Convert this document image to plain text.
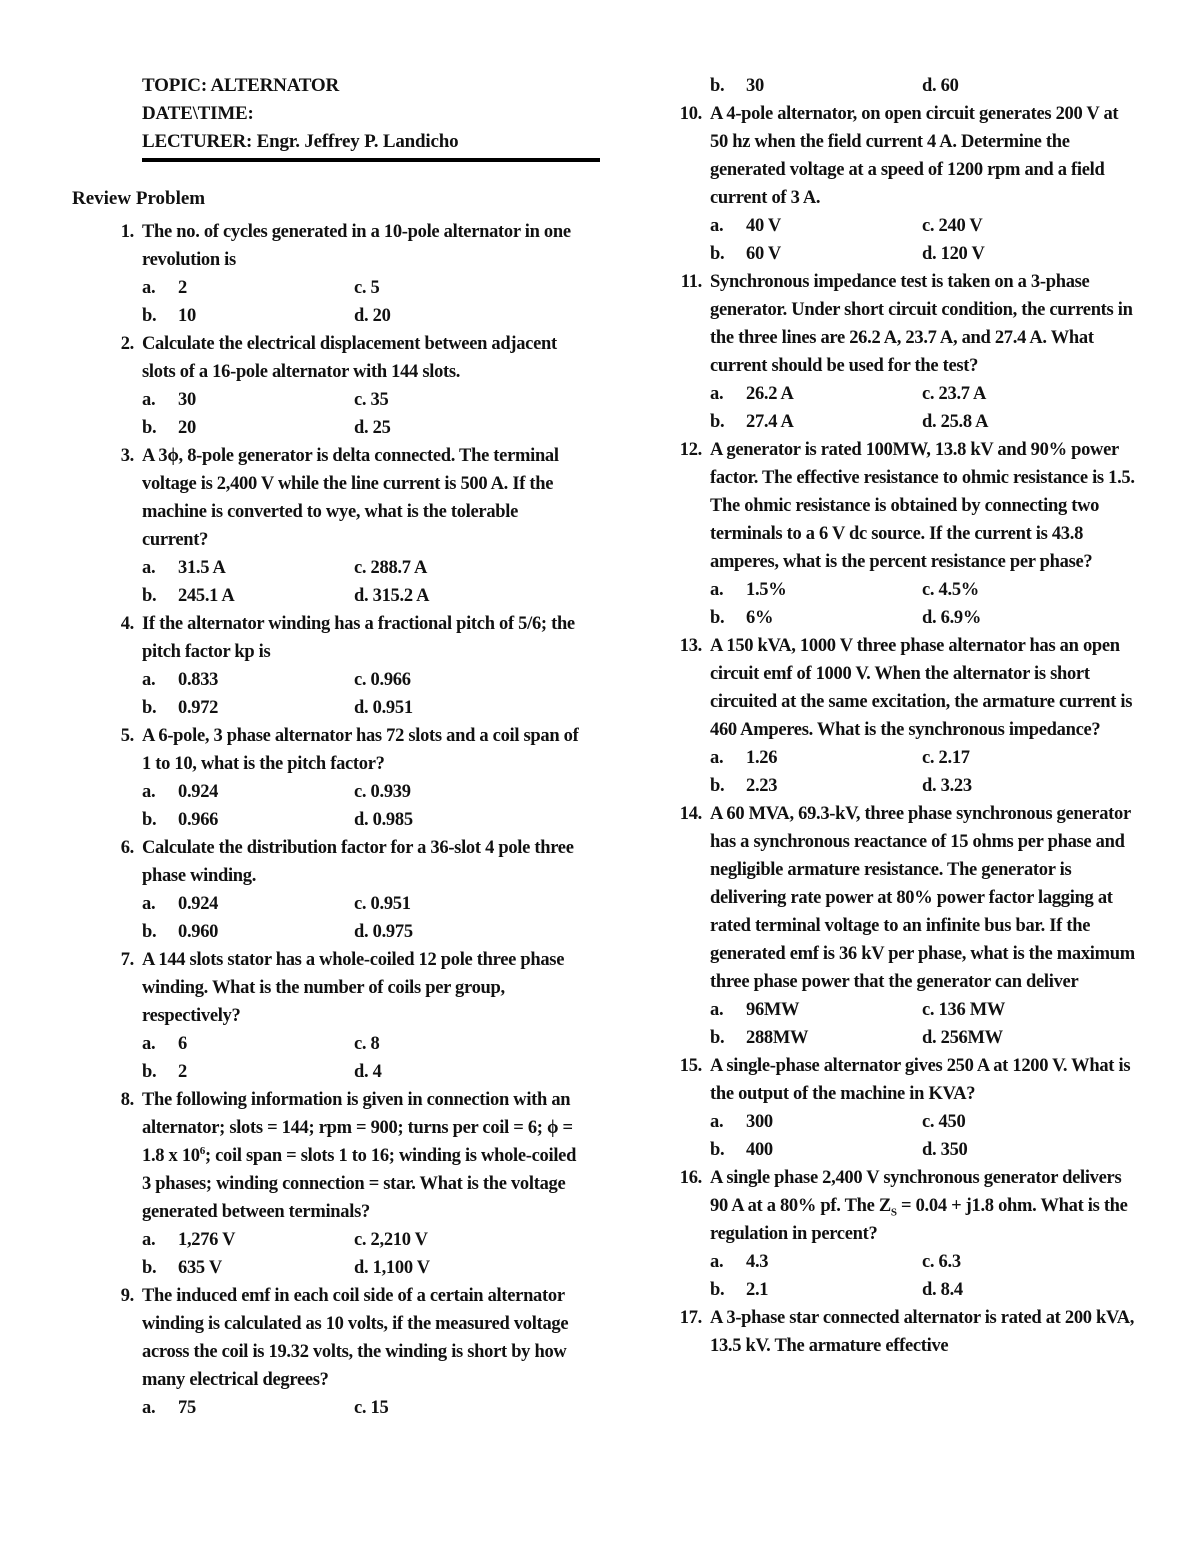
TOPIC: ALTERNATOR
DATE\TIME:
LECTURER: Engr. Jeffrey P. Landicho
Review Problem
1. The no. of cycles generated in a 10-pole alternator in one revolution is
a. 2	c. 5
b. 10	d. 20
2. Calculate the electrical displacement between adjacent slots of a 16-pole alternator with 144 slots.
a. 30	c. 35
b. 20	d. 25
3. A 3ϕ, 8-pole generator is delta connected. The terminal voltage is 2,400 V while the line current is 500 A. If the machine is converted to wye, what is the tolerable current?
a. 31.5 A	c. 288.7 A
b. 245.1 A	d. 315.2 A
4. If the alternator winding has a fractional pitch of 5/6; the pitch factor kp is
a. 0.833	c. 0.966
b. 0.972	d. 0.951
5. A 6-pole, 3 phase alternator has 72 slots and a coil span of 1 to 10, what is the pitch factor?
a. 0.924	c. 0.939
b. 0.966	d. 0.985
6. Calculate the distribution factor for a 36-slot 4 pole three phase winding.
a. 0.924	c. 0.951
b. 0.960	d. 0.975
7. A 144 slots stator has a whole-coiled 12 pole three phase winding. What is the number of coils per group, respectively?
a. 6	c. 8
b. 2	d. 4
8. The following information is given in connection with an alternator; slots = 144; rpm = 900; turns per coil = 6; ϕ = 1.8 x $10^6$; coil span = slots 1 to 16; winding is whole-coiled 3 phases; winding connection = star. What is the voltage generated between terminals?
a. 1,276 V	c. 2,210 V
b. 635 V	d. 1,100 V
9. The induced emf in each coil side of a certain alternator winding is calculated as 10 volts, if the measured voltage across the coil is 19.32 volts, the winding is short by how many electrical degrees?
a. 75	c. 15
b. 30	d. 60
10. A 4-pole alternator, on open circuit generates 200 V at 50 hz when the field current 4 A. Determine the generated voltage at a speed of 1200 rpm and a field current of 3 A.
a. 40 V	c. 240 V
b. 60 V	d. 120 V
11. Synchronous impedance test is taken on a 3-phase generator. Under short circuit condition, the currents in the three lines are 26.2 A, 23.7 A, and 27.4 A. What current should be used for the test?
a. 26.2 A	c. 23.7 A
b. 27.4 A	d. 25.8 A
12. A generator is rated 100MW, 13.8 kV and 90% power factor. The effective resistance to ohmic resistance is 1.5. The ohmic resistance is obtained by connecting two terminals to a 6 V dc source. If the current is 43.8 amperes, what is the percent resistance per phase?
a. 1.5%	c. 4.5%
b. 6%	d. 6.9%
13. A 150 kVA, 1000 V three phase alternator has an open circuit emf of 1000 V. When the alternator is short circuited at the same excitation, the armature current is 460 Amperes. What is the synchronous impedance?
a. 1.26	c. 2.17
b. 2.23	d. 3.23
14. A 60 MVA, 69.3-kV, three phase synchronous generator has a synchronous reactance of 15 ohms per phase and negligible armature resistance. The generator is delivering rate power at 80% power factor lagging at rated terminal voltage to an infinite bus bar. If the generated emf is 36 kV per phase, what is the maximum three phase power that the generator can deliver
a. 96MW	c. 136 MW
b. 288MW	d. 256MW
15. A single-phase alternator gives 250 A at 1200 V. What is the output of the machine in KVA?
a. 300	c. 450
b. 400	d. 350
16. A single phase 2,400 V synchronous generator delivers 90 A at a 80% pf. The $Z_S = 0.04 + j1.8$ ohm. What is the regulation in percent?
a. 4.3	c. 6.3
b. 2.1	d. 8.4
17. A 3-phase star connected alternator is rated at 200 kVA, 13.5 kV. The armature effective
